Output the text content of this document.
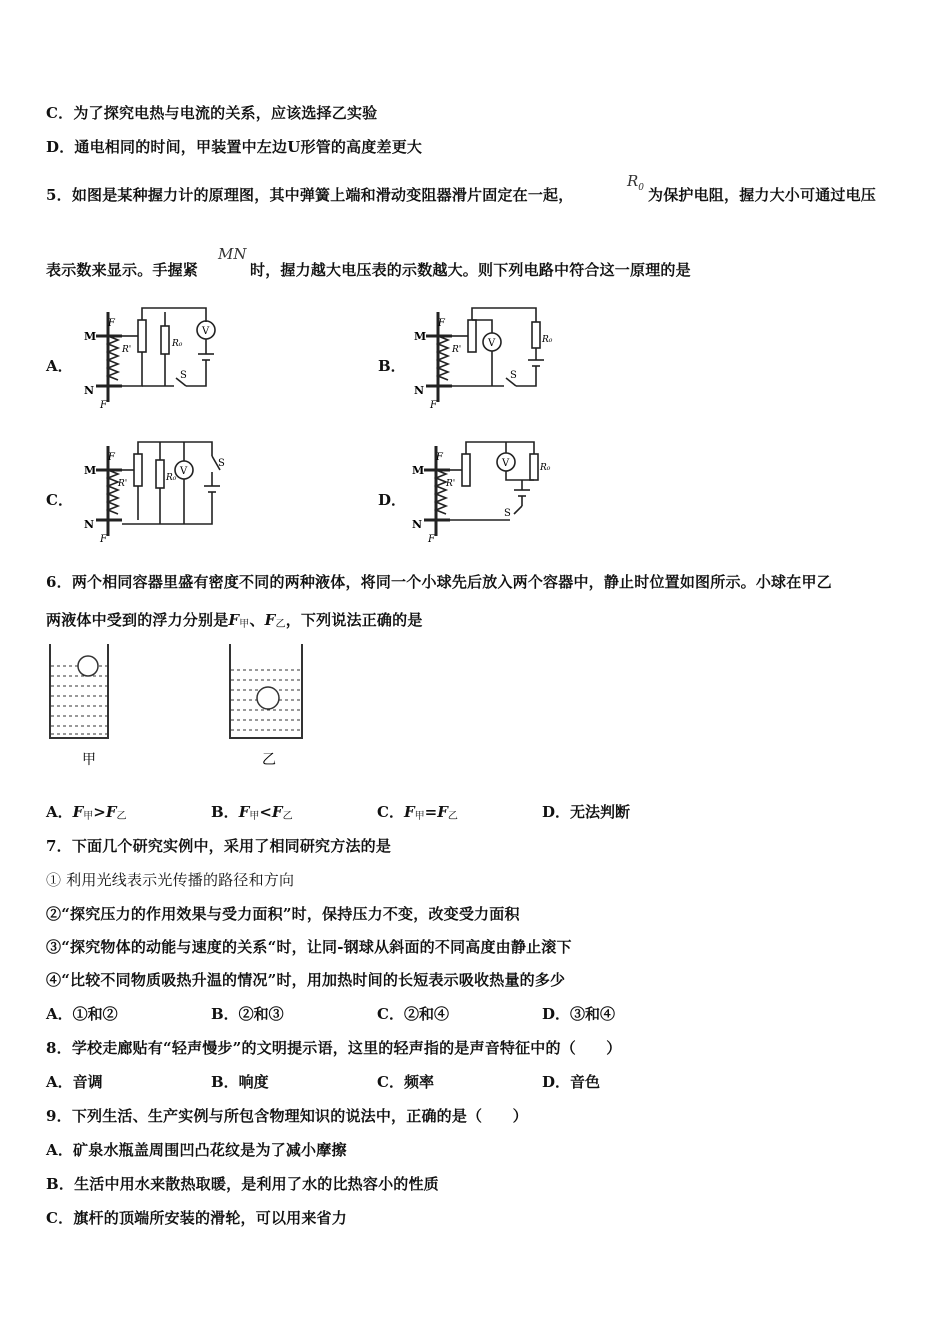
C．为了探究电热与电流的关系，应该选择乙实验
D．通电相同的时间，甲装置中左边U形管的高度差更大
5．如图是某种握力计的原理图，其中弹簧上端和滑动变阻器滑片固定在一起，
$R_0$ 为保护电阻，握力大小可通过电压
表示数来显示。手握紧
MN
时，握力越大电压表的示数越大。则下列电路中符合这一原理的是
A．	B．
C．	D．
M
N
F
F
R'
R₀
V
S
M
N
F
F
R'
R₀
V
S
M
N
F
F
R'
R₀
V
S
M
N
F
F
R'
R₀
V
S
6．两个相同容器里盛有密度不同的两种液体，将同一个小球先后放入两个容器中，静止时位置如图所示。小球在甲乙
两液体中受到的浮力分别是$F_甲$、$F_乙$，下列说法正确的是
甲	乙
A．$F_甲>F_乙$	B．$F_甲<F_乙$	C．$F_甲=F_乙$	D．无法判断
7．下面几个研究实例中，采用了相同研究方法的是
① 利用光线表示光传播的路径和方向
②“探究压力的作用效果与受力面积”时，保持压力不变，改变受力面积
③“探究物体的动能与速度的关系“时，让同-钢球从斜面的不同高度由静止滚下
④“比较不同物质吸热升温的情况”时，用加热时间的长短表示吸收热量的多少
A．①和②	B．②和③	C．②和④	D．③和④
8．学校走廊贴有“轻声慢步”的文明提示语，这里的轻声指的是声音特征中的（　　）
A．音调	B．响度	C．频率	D．音色
9．下列生活、生产实例与所包含物理知识的说法中，正确的是（　　）
A．矿泉水瓶盖周围凹凸花纹是为了减小摩擦
B．生活中用水来散热取暖，是利用了水的比热容小的性质
C．旗杆的顶端所安装的滑轮，可以用来省力
